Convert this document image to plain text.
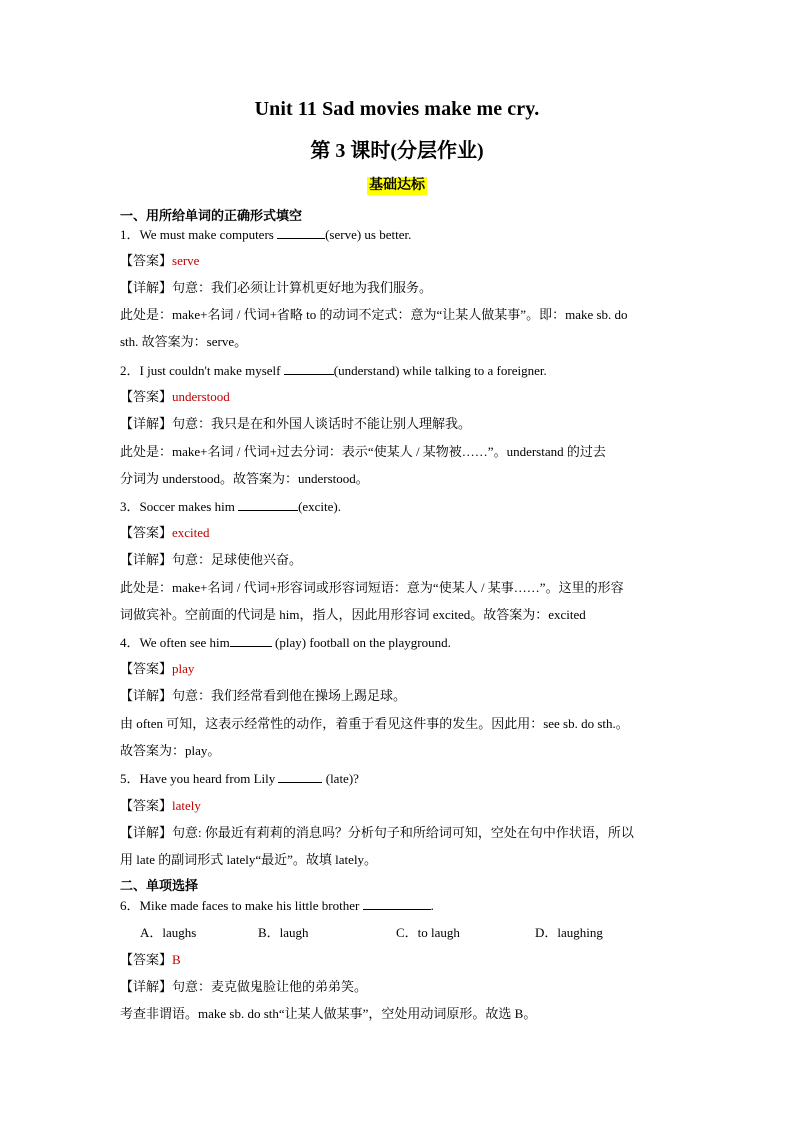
Unit 11 Sad movies make me cry.
第 3 课时(分层作业)
基础达标
一、用所给单词的正确形式填空
1．We must make computers	(serve) us better.
【答案】serve
【详解】句意：我们必须让计算机更好地为我们服务。
此处是：make+名词 / 代词+省略 to 的动词不定式：意为“让某人做某事”。即：make sb. do
sth. 故答案为：serve。
2．I just couldn't make myself	(understand) while talking to a foreigner.
【答案】understood
【详解】句意：我只是在和外国人谈话时不能让别人理解我。
此处是：make+名词 / 代词+过去分词：表示“使某人 / 某物被……”。understand 的过去
分词为 understood。故答案为：understood。
3．Soccer makes him	(excite).
【答案】excited
【详解】句意：足球使他兴奋。
此处是：make+名词 / 代词+形容词或形容词短语：意为“使某人 / 某事……”。这里的形容
词做宾补。空前面的代词是 him，指人，因此用形容词 excited。故答案为：excited
4．We often see him	(play) football on the playground.
【答案】play
【详解】句意：我们经常看到他在操场上踢足球。
由 often 可知，这表示经常性的动作，着重于看见这件事的发生。因此用：see sb. do sth.。
故答案为：play。
5．Have you heard from Lily	(late)?
【答案】lately
【详解】句意: 你最近有莉莉的消息吗？分析句子和所给词可知，空处在句中作状语，所以
用 late 的副词形式 lately“最近”。故填 lately。
二、单项选择
6．Mike made faces to make his little brother	.
A．laughs	B．laugh	C．to laugh	D．laughing
【答案】B
【详解】句意：麦克做鬼脸让他的弟弟笑。
考查非谓语。make sb. do sth“让某人做某事”，空处用动词原形。故选 B。
